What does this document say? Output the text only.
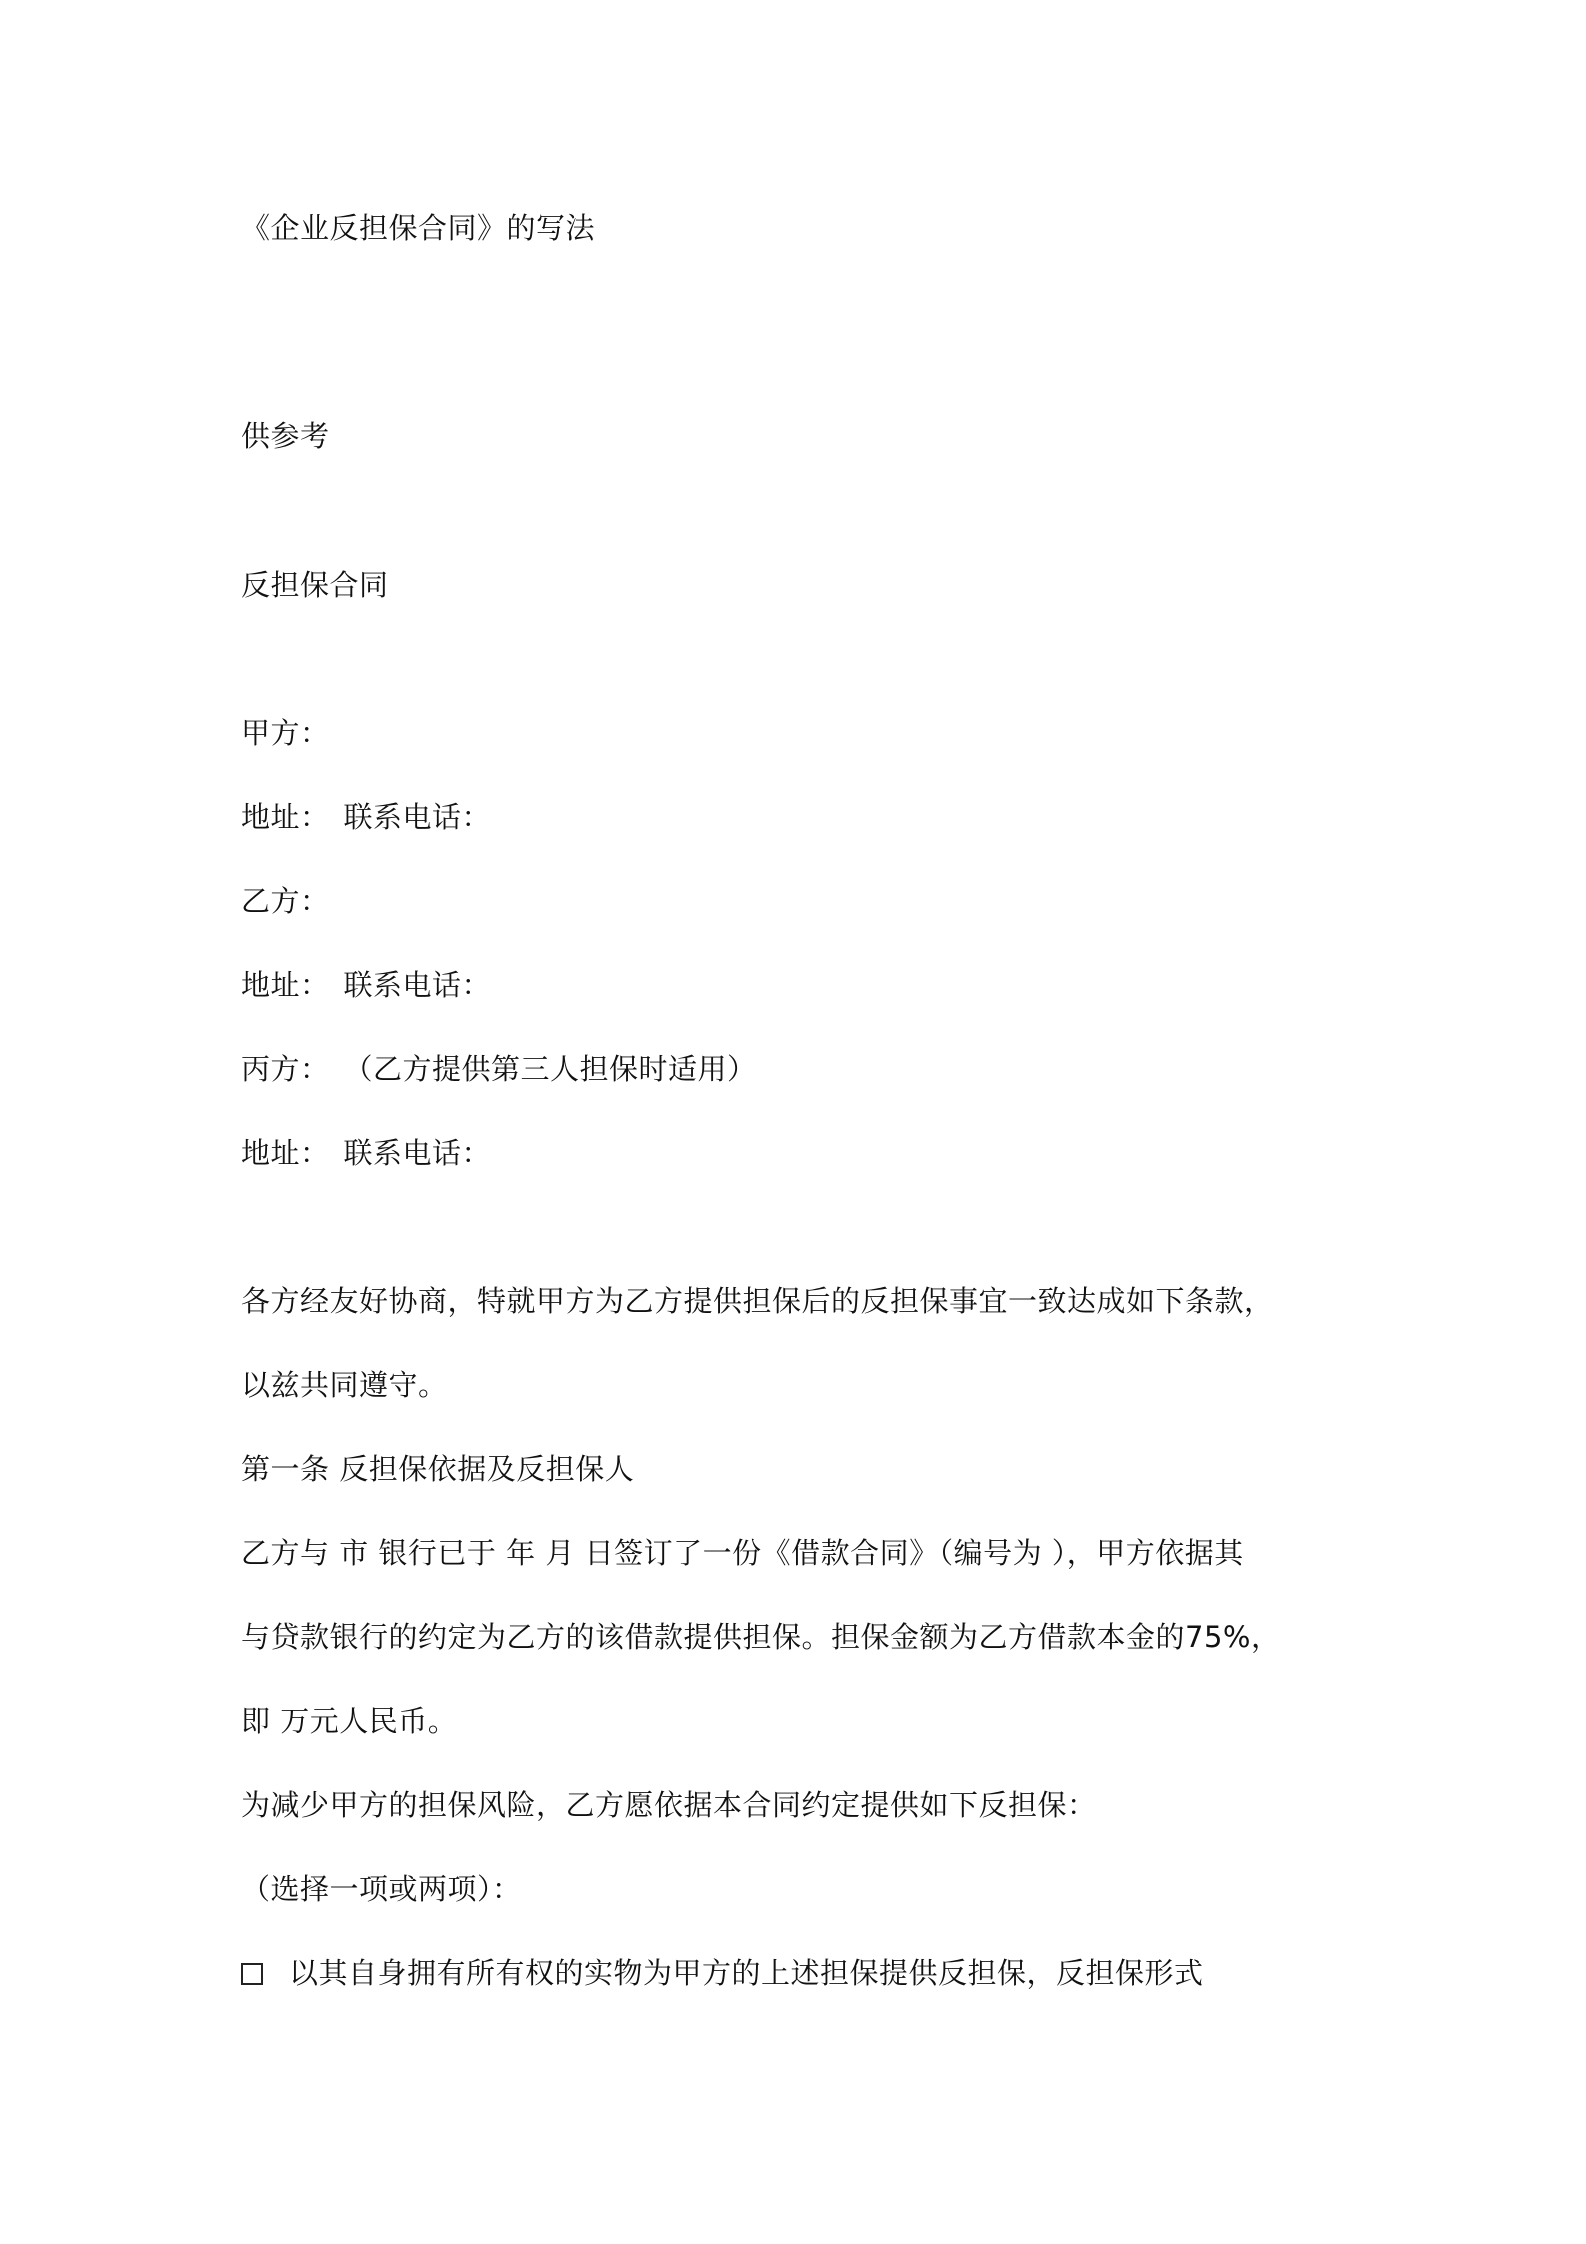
《企业反担保合同》的写法
供参考
反担保合同
甲方：
地址： 联系电话：
乙方：
地址： 联系电话：
丙方： （乙方提供第三人担保时适用）
地址： 联系电话：
各方经友好协商，特就甲方为乙方提供担保后的反担保事宜一致达成如下条款，
以兹共同遵守。
第一条 反担保依据及反担保人
乙方与 市 银行已于 年 月 日签订了一份《借款合同》（编号为 ），甲方依据其
与贷款银行的约定为乙方的该借款提供担保。担保金额为乙方借款本金的75%，
即 万元人民币。
为减少甲方的担保风险，乙方愿依据本合同约定提供如下反担保：
（选择一项或两项）：
以其自身拥有所有权的实物为甲方的上述担保提供反担保，反担保形式
